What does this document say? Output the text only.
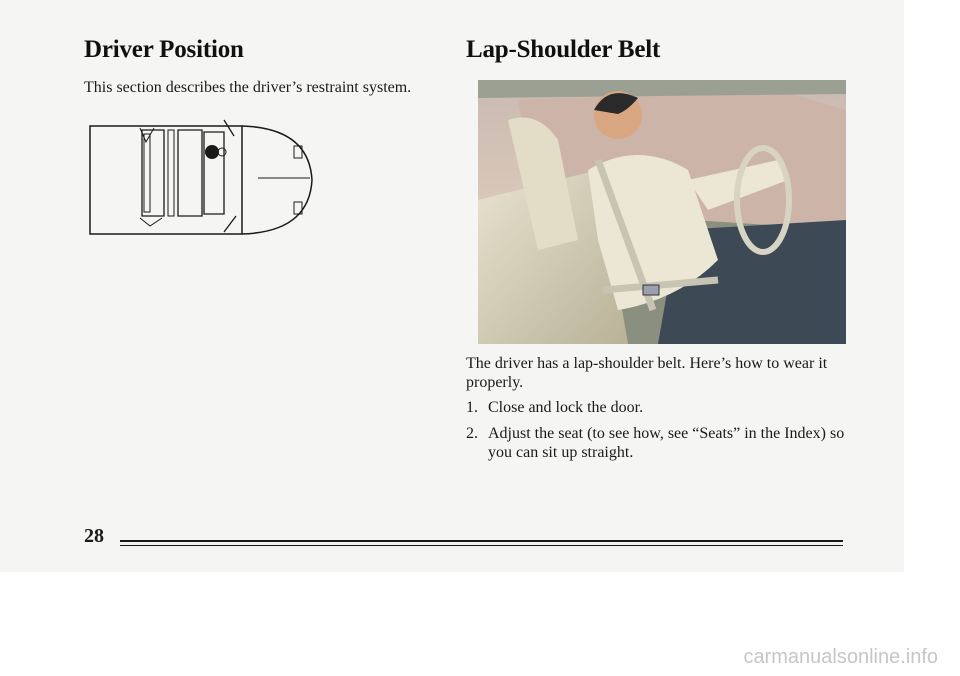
Driver Position

This section describes the driver’s restraint system.

Lap-Shoulder Belt

The driver has a lap-shoulder belt. Here’s how to wear it properly.

1. Close and lock the door.
2. Adjust the seat (to see how, see “Seats” in the Index) so you can sit up straight.
28
carmanualsonline.info
